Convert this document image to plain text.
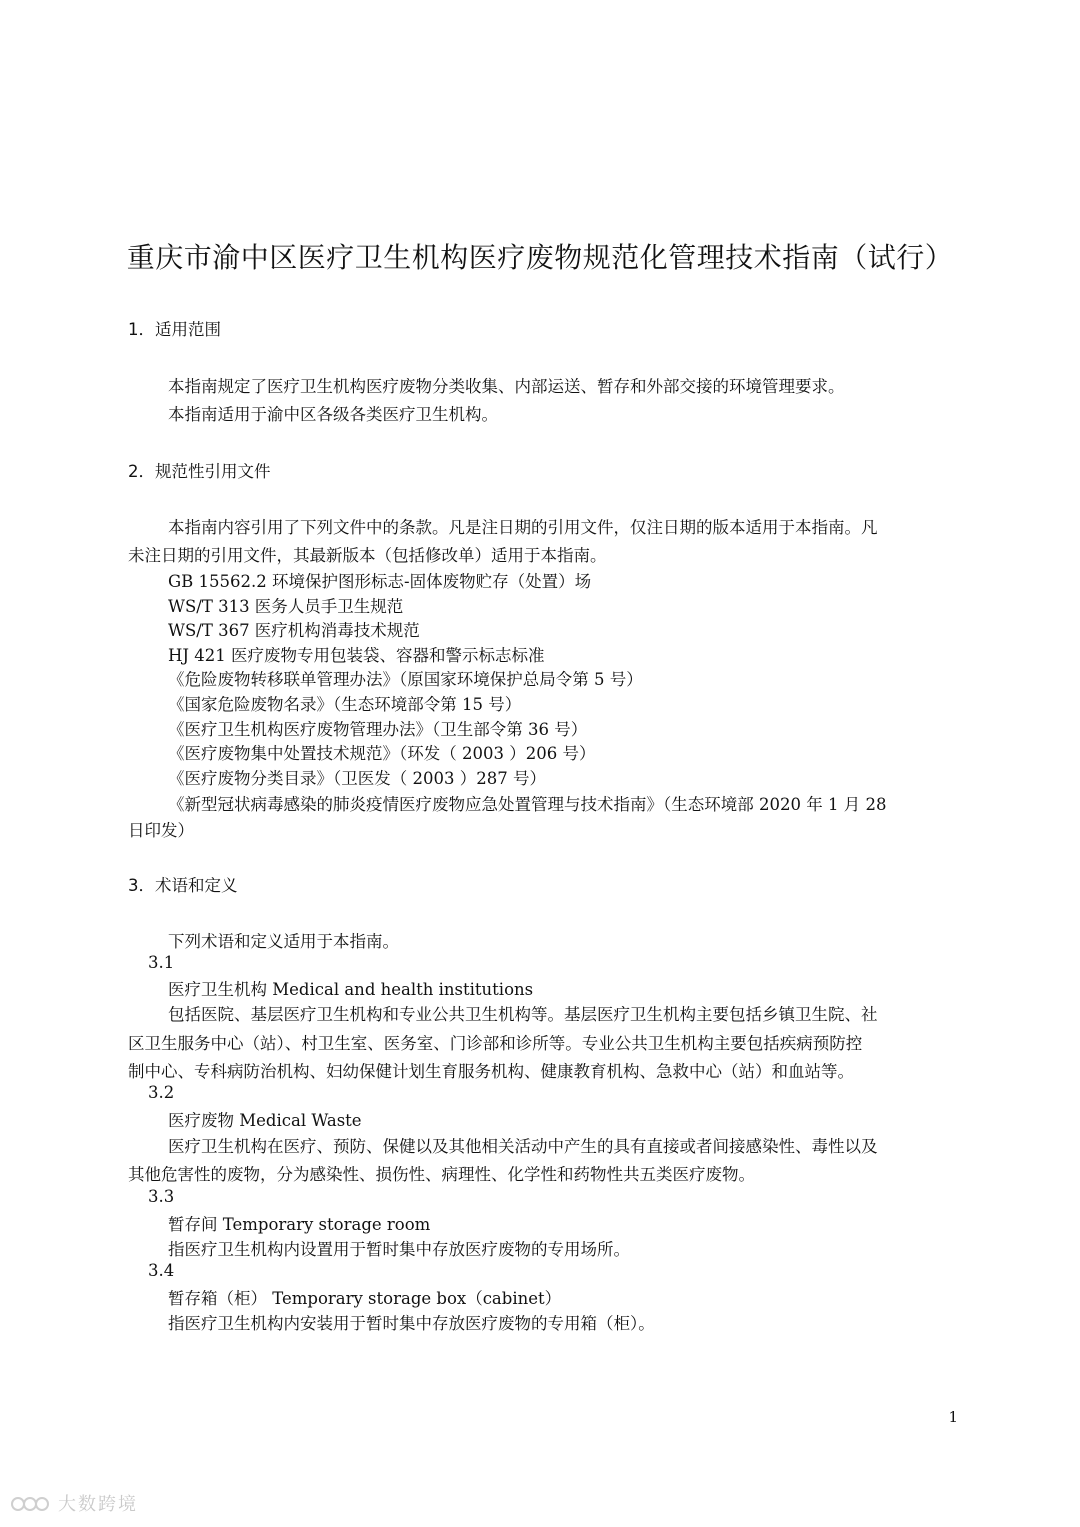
重庆市渝中区医疗卫生机构医疗废物规范化管理技术指南（试行）
1．适用范围
本指南规定了医疗卫生机构医疗废物分类收集、内部运送、暂存和外部交接的环境管理要求。
本指南适用于渝中区各级各类医疗卫生机构。
2．规范性引用文件
本指南内容引用了下列文件中的条款。凡是注日期的引用文件，仅注日期的版本适用于本指南。凡
未注日期的引用文件，其最新版本（包括修改单）适用于本指南。
GB 15562.2 环境保护图形标志-固体废物贮存（处置）场
WS/T 313 医务人员手卫生规范
WS/T 367 医疗机构消毒技术规范
HJ 421 医疗废物专用包装袋、容器和警示标志标准
《危险废物转移联单管理办法》（原国家环境保护总局令第 5 号）
《国家危险废物名录》（生态环境部令第 15 号）
《医疗卫生机构医疗废物管理办法》（卫生部令第 36 号）
《医疗废物集中处置技术规范》（环发（ 2003 ）206 号）
《医疗废物分类目录》（卫医发（ 2003 ）287 号）
《新型冠状病毒感染的肺炎疫情医疗废物应急处置管理与技术指南》（生态环境部 2020 年 1 月 28
日印发）
3．术语和定义
下列术语和定义适用于本指南。
3.1
医疗卫生机构 Medical and health institutions
包括医院、基层医疗卫生机构和专业公共卫生机构等。基层医疗卫生机构主要包括乡镇卫生院、社
区卫生服务中心（站）、村卫生室、医务室、门诊部和诊所等。专业公共卫生机构主要包括疾病预防控
制中心、专科病防治机构、妇幼保健计划生育服务机构、健康教育机构、急救中心（站）和血站等。
3.2
医疗废物 Medical Waste
医疗卫生机构在医疗、预防、保健以及其他相关活动中产生的具有直接或者间接感染性、毒性以及
其他危害性的废物，分为感染性、损伤性、病理性、化学性和药物性共五类医疗废物。
3.3
暂存间 Temporary storage room
指医疗卫生机构内设置用于暂时集中存放医疗废物的专用场所。
3.4
暂存箱（柜） Temporary storage box（cabinet）
指医疗卫生机构内安装用于暂时集中存放医疗废物的专用箱（柜）。
1
大数跨境
